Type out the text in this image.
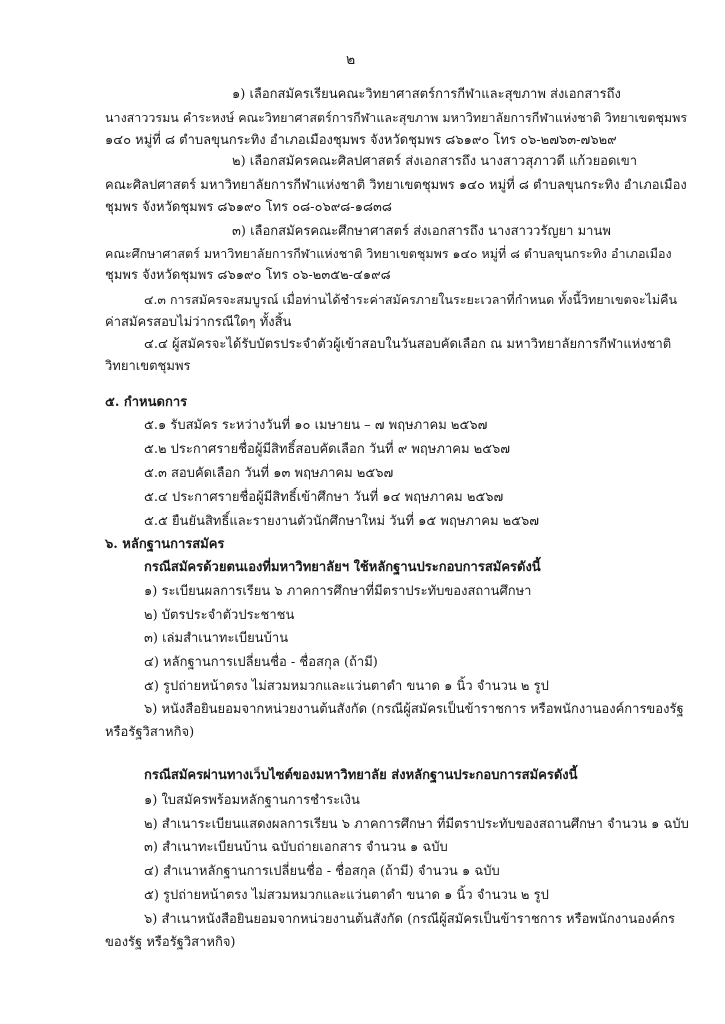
๒
๑) เลือกสมัครเรียนคณะวิทยาศาสตร์การกีฬาและสุขภาพ ส่งเอกสารถึง
นางสาววรมน คำระหงษ์ คณะวิทยาศาสตร์การกีฬาและสุขภาพ มหาวิทยาลัยการกีฬาแห่งชาติ วิทยาเขตชุมพร
๑๔๐ หมู่ที่ ๘ ตำบลขุนกระทิง อำเภอเมืองชุมพร จังหวัดชุมพร ๘๖๑๙๐ โทร ๐๖-๒๗๖๓-๗๖๒๙
๒) เลือกสมัครคณะศิลปศาสตร์ ส่งเอกสารถึง นางสาวสุภาวดี แก้วยอดเขา
คณะศิลปศาสตร์ มหาวิทยาลัยการกีฬาแห่งชาติ วิทยาเขตชุมพร ๑๔๐ หมู่ที่ ๘ ตำบลขุนกระทิง อำเภอเมือง
ชุมพร จังหวัดชุมพร ๘๖๑๙๐ โทร ๐๘-๐๖๙๘-๑๘๓๘
๓) เลือกสมัครคณะศึกษาศาสตร์ ส่งเอกสารถึง นางสาววรัญยา มานพ
คณะศึกษาศาสตร์ มหาวิทยาลัยการกีฬาแห่งชาติ วิทยาเขตชุมพร ๑๔๐ หมู่ที่ ๘ ตำบลขุนกระทิง อำเภอเมือง
ชุมพร จังหวัดชุมพร ๘๖๑๙๐ โทร ๐๖-๒๓๕๒-๔๑๙๘
๔.๓ การสมัครจะสมบูรณ์ เมื่อท่านได้ชำระค่าสมัครภายในระยะเวลาที่กำหนด ทั้งนี้วิทยาเขตจะไม่คืน
ค่าสมัครสอบไม่ว่ากรณีใดๆ ทั้งสิ้น
๔.๔ ผู้สมัครจะได้รับบัตรประจำตัวผู้เข้าสอบในวันสอบคัดเลือก ณ มหาวิทยาลัยการกีฬาแห่งชาติ
วิทยาเขตชุมพร
๕. กำหนดการ
๕.๑ รับสมัคร ระหว่างวันที่ ๑๐ เมษายน – ๗ พฤษภาคม ๒๕๖๗
๕.๒ ประกาศรายชื่อผู้มีสิทธิ์สอบคัดเลือก วันที่ ๙ พฤษภาคม ๒๕๖๗
๕.๓ สอบคัดเลือก วันที่ ๑๓ พฤษภาคม ๒๕๖๗
๕.๔ ประกาศรายชื่อผู้มีสิทธิ์เข้าศึกษา วันที่ ๑๔ พฤษภาคม ๒๕๖๗
๕.๕ ยืนยันสิทธิ์และรายงานตัวนักศึกษาใหม่ วันที่ ๑๕ พฤษภาคม ๒๕๖๗
๖. หลักฐานการสมัคร
กรณีสมัครด้วยตนเองที่มหาวิทยาลัยฯ ใช้หลักฐานประกอบการสมัครดังนี้
๑) ระเบียนผลการเรียน ๖ ภาคการศึกษาที่มีตราประทับของสถานศึกษา
๒) บัตรประจำตัวประชาชน
๓) เล่มสำเนาทะเบียนบ้าน
๔) หลักฐานการเปลี่ยนชื่อ - ชื่อสกุล (ถ้ามี)
๕) รูปถ่ายหน้าตรง ไม่สวมหมวกและแว่นตาดำ ขนาด ๑ นิ้ว จำนวน ๒ รูป
๖) หนังสือยินยอมจากหน่วยงานต้นสังกัด (กรณีผู้สมัครเป็นข้าราชการ หรือพนักงานองค์การของรัฐ
หรือรัฐวิสาหกิจ)
กรณีสมัครผ่านทางเว็บไซต์ของมหาวิทยาลัย ส่งหลักฐานประกอบการสมัครดังนี้
๑) ใบสมัครพร้อมหลักฐานการชำระเงิน
๒) สำเนาระเบียนแสดงผลการเรียน ๖ ภาคการศึกษา ที่มีตราประทับของสถานศึกษา จำนวน ๑ ฉบับ
๓) สำเนาทะเบียนบ้าน ฉบับถ่ายเอกสาร จำนวน ๑ ฉบับ
๔) สำเนาหลักฐานการเปลี่ยนชื่อ - ชื่อสกุล (ถ้ามี) จำนวน ๑ ฉบับ
๕) รูปถ่ายหน้าตรง ไม่สวมหมวกและแว่นตาดำ ขนาด ๑ นิ้ว จำนวน ๒ รูป
๖) สำเนาหนังสือยินยอมจากหน่วยงานต้นสังกัด (กรณีผู้สมัครเป็นข้าราชการ หรือพนักงานองค์กร
ของรัฐ หรือรัฐวิสาหกิจ)
